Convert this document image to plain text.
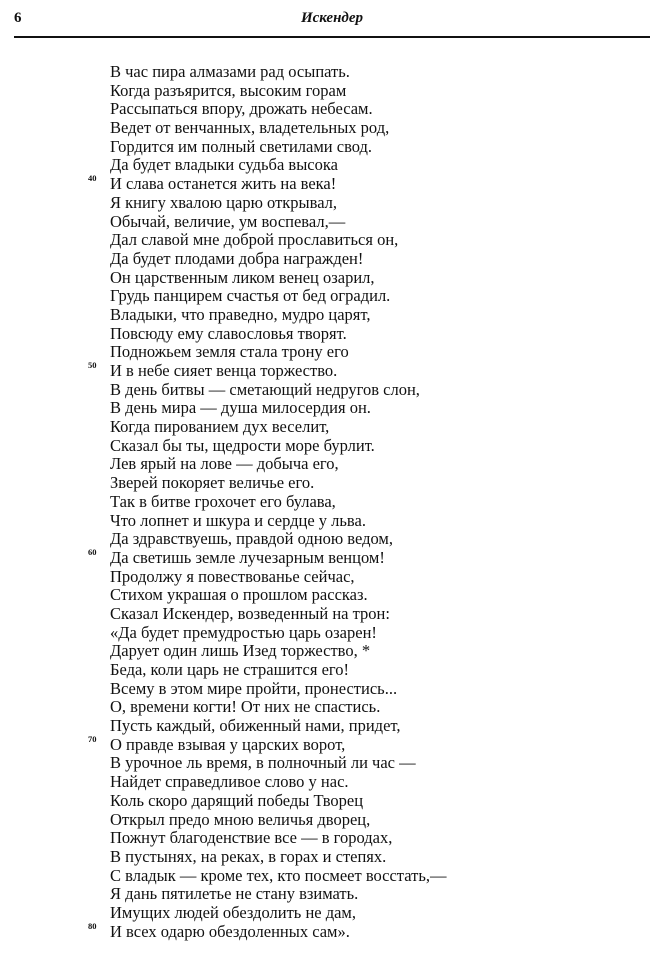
6	Искендер
В час пира алмазами рад осыпать.
Когда разъярится, высоким горам
Рассыпаться впору, дрожать небесам.
Ведет от венчанных, владетельных род,
Гордится им полный светилами свод.
Да будет владыки судьба высока
40 И слава останется жить на века!
Я книгу хвалою царю открывал,
Обычай, величие, ум воспевал,—
Дал славой мне доброй прославиться он,
Да будет плодами добра награжден!
Он царственным ликом венец озарил,
Грудь панцирем счастья от бед оградил.
Владыки, что праведно, мудро царят,
Повсюду ему славословья творят.
Подножьем земля стала трону его
50 И в небе сияет венца торжество.
В день битвы — сметающий недругов слон,
В день мира — душа милосердия он.
Когда пированием дух веселит,
Сказал бы ты, щедрости море бурлит.
Лев ярый на лове — добыча его,
Зверей покоряет величье его.
Так в битве грохочет его булава,
Что лопнет и шкура и сердце у льва.
Да здравствуешь, правдой одною ведом,
60 Да светишь земле лучезарным венцом!
Продолжу я повествованье сейчас,
Стихом украшая о прошлом рассказ.
Сказал Искендер, возведенный на трон:
«Да будет премудростью царь озарен!
Дарует один лишь Изед торжество, *
Беда, коли царь не страшится его!
Всему в этом мире пройти, пронестись...
О, времени когти! От них не спастись.
Пусть каждый, обиженный нами, придет,
70 О правде взывая у царских ворот,
В урочное ль время, в полночный ли час —
Найдет справедливое слово у нас.
Коль скоро дарящий победы Творец
Открыл предо мною величья дворец,
Пожнут благоденствие все — в городах,
В пустынях, на реках, в горах и степях.
С владык — кроме тех, кто посмеет восстать,—
Я дань пятилетье не стану взимать.
Имущих людей обездолить не дам,
80 И всех одарю обездоленных сам».
